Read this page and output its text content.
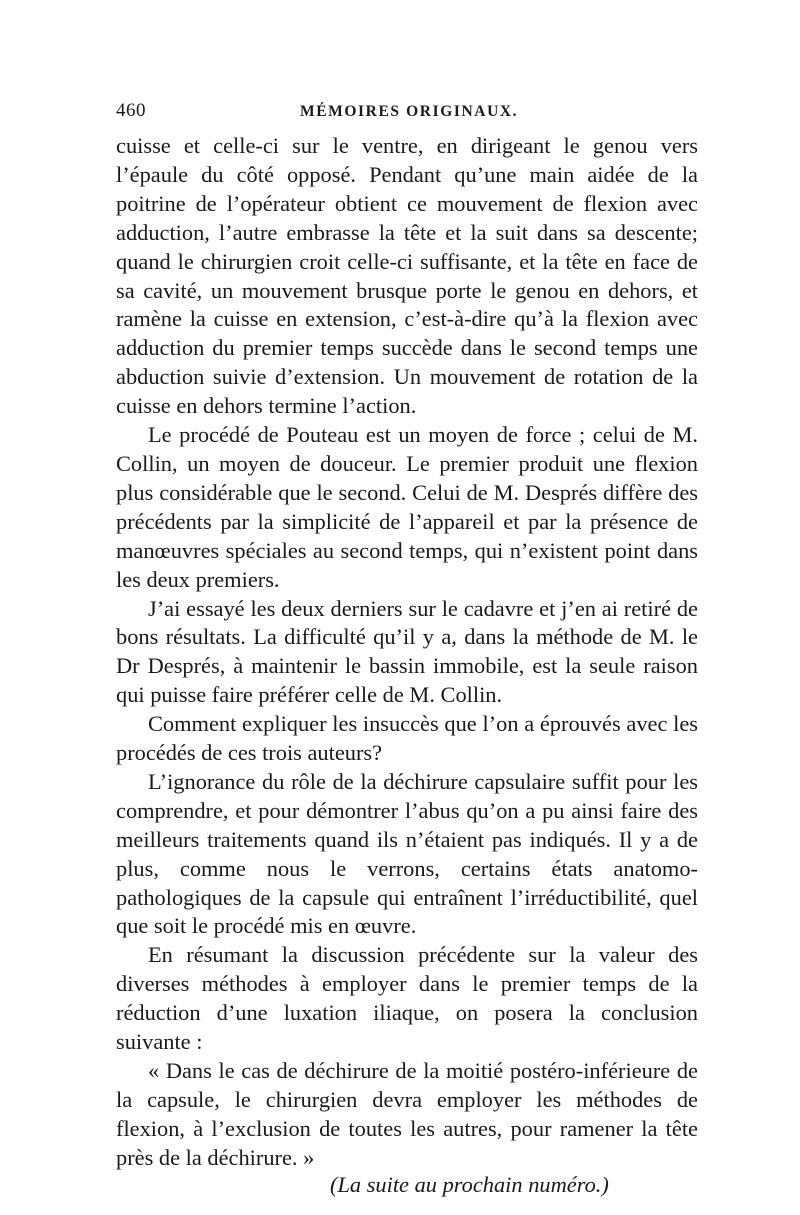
460	MÉMOIRES ORIGINAUX.

cuisse et celle-ci sur le ventre, en dirigeant le genou vers l’épaule du côté opposé. Pendant qu’une main aidée de la poitrine de l’opérateur obtient ce mouvement de flexion avec adduction, l’autre embrasse la tête et la suit dans sa descente; quand le chirurgien croit celle-ci suffisante, et la tête en face de sa cavité, un mouvement brusque porte le genou en dehors, et ramène la cuisse en extension, c’est-à-dire qu’à la flexion avec adduction du premier temps succède dans le second temps une abduction suivie d’extension. Un mouvement de rotation de la cuisse en dehors termine l’action.

Le procédé de Pouteau est un moyen de force ; celui de M. Collin, un moyen de douceur. Le premier produit une flexion plus considérable que le second. Celui de M. Després diffère des précédents par la simplicité de l’appareil et par la présence de manœuvres spéciales au second temps, qui n’existent point dans les deux premiers.

J’ai essayé les deux derniers sur le cadavre et j’en ai retiré de bons résultats. La difficulté qu’il y a, dans la méthode de M. le Dr Després, à maintenir le bassin immobile, est la seule raison qui puisse faire préférer celle de M. Collin.

Comment expliquer les insuccès que l’on a éprouvés avec les procédés de ces trois auteurs?

L’ignorance du rôle de la déchirure capsulaire suffit pour les comprendre, et pour démontrer l’abus qu’on a pu ainsi faire des meilleurs traitements quand ils n’étaient pas indiqués. Il y a de plus, comme nous le verrons, certains états anatomo-pathologiques de la capsule qui entraînent l’irréductibilité, quel que soit le procédé mis en œuvre.

En résumant la discussion précédente sur la valeur des diverses méthodes à employer dans le premier temps de la réduction d’une luxation iliaque, on posera la conclusion suivante :

« Dans le cas de déchirure de la moitié postéro-inférieure de la capsule, le chirurgien devra employer les méthodes de flexion, à l’exclusion de toutes les autres, pour ramener la tête près de la déchirure. »

(La suite au prochain numéro.)
